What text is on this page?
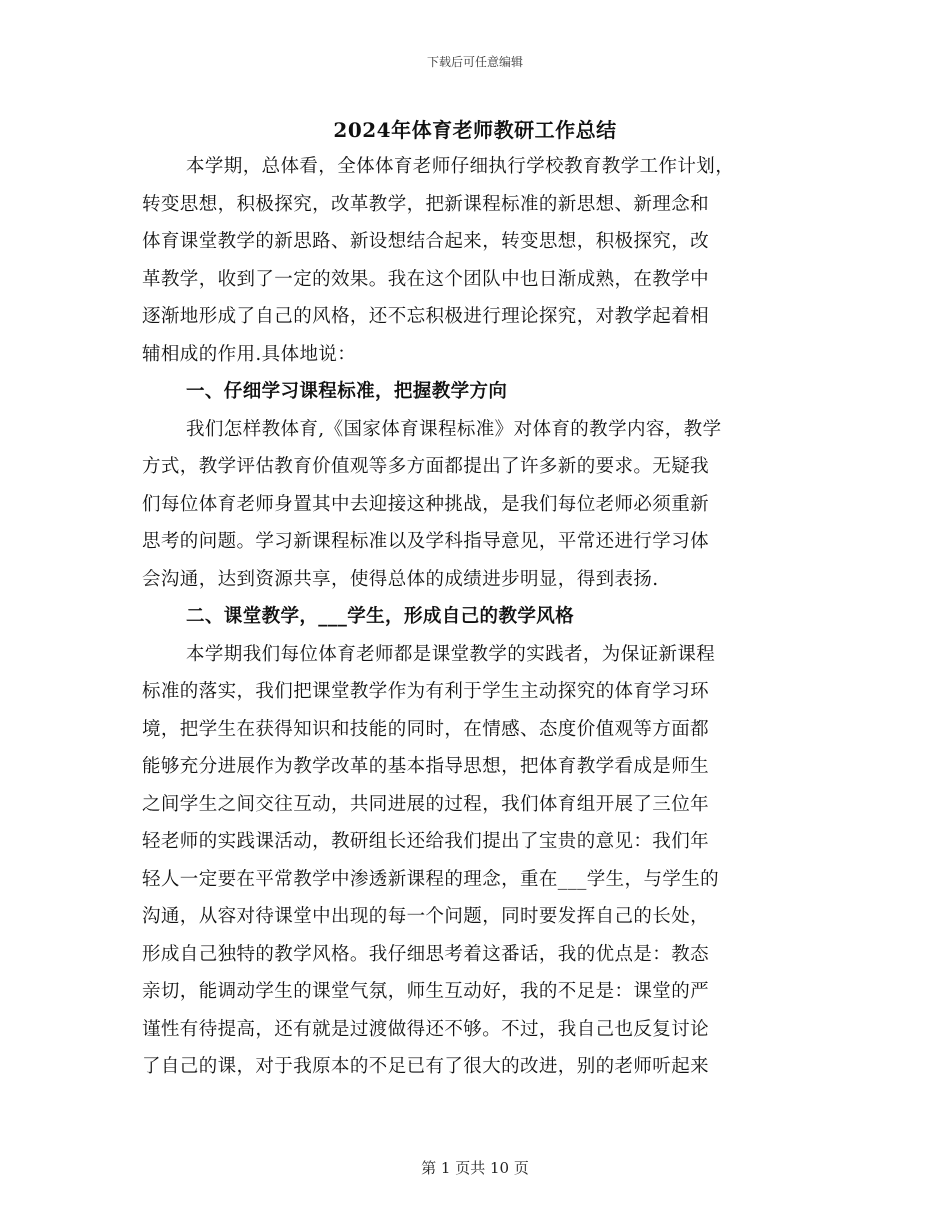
下载后可任意编辑
2024年体育老师教研工作总结
本学期，总体看，全体体育老师仔细执行学校教育教学工作计划，
转变思想，积极探究，改革教学，把新课程标准的新思想、新理念和
体育课堂教学的新思路、新设想结合起来，转变思想，积极探究，改
革教学，收到了一定的效果。我在这个团队中也日渐成熟，在教学中
逐渐地形成了自己的风格，还不忘积极进行理论探究，对教学起着相
辅相成的作用.具体地说：
一、仔细学习课程标准，把握教学方向
我们怎样教体育,《国家体育课程标准》对体育的教学内容，教学
方式，教学评估教育价值观等多方面都提出了许多新的要求。无疑我
们每位体育老师身置其中去迎接这种挑战，是我们每位老师必须重新
思考的问题。学习新课程标准以及学科指导意见，平常还进行学习体
会沟通，达到资源共享，使得总体的成绩进步明显，得到表扬.
二、课堂教学，___学生，形成自己的教学风格
本学期我们每位体育老师都是课堂教学的实践者，为保证新课程
标准的落实，我们把课堂教学作为有利于学生主动探究的体育学习环
境，把学生在获得知识和技能的同时，在情感、态度价值观等方面都
能够充分进展作为教学改革的基本指导思想，把体育教学看成是师生
之间学生之间交往互动，共同进展的过程，我们体育组开展了三位年
轻老师的实践课活动，教研组长还给我们提出了宝贵的意见：我们年
轻人一定要在平常教学中渗透新课程的理念，重在___学生，与学生的
沟通，从容对待课堂中出现的每一个问题，同时要发挥自己的长处，
形成自己独特的教学风格。我仔细思考着这番话，我的优点是：教态
亲切，能调动学生的课堂气氛，师生互动好，我的不足是：课堂的严
谨性有待提高，还有就是过渡做得还不够。不过，我自己也反复讨论
了自己的课，对于我原本的不足已有了很大的改进，别的老师听起来
第 1 页共 10 页
